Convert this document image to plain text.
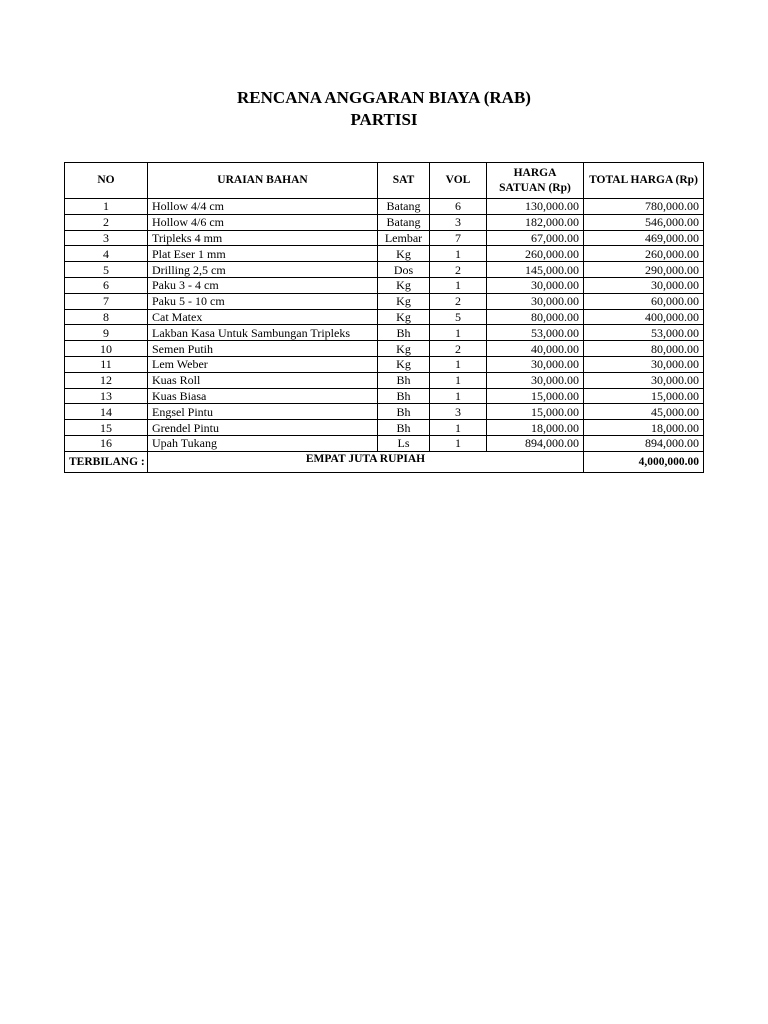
RENCANA ANGGARAN BIAYA (RAB)
PARTISI
NO	URAIAN BAHAN	SAT	VOL	HARGA SATUAN (Rp)	TOTAL HARGA (Rp)
1	Hollow 4/4 cm	Batang	6	130,000.00	780,000.00
2	Hollow 4/6 cm	Batang	3	182,000.00	546,000.00
3	Tripleks 4 mm	Lembar	7	67,000.00	469,000.00
4	Plat Eser 1 mm	Kg	1	260,000.00	260,000.00
5	Drilling 2,5 cm	Dos	2	145,000.00	290,000.00
6	Paku 3 - 4 cm	Kg	1	30,000.00	30,000.00
7	Paku 5 - 10 cm	Kg	2	30,000.00	60,000.00
8	Cat Matex	Kg	5	80,000.00	400,000.00
9	Lakban Kasa Untuk Sambungan Tripleks	Bh	1	53,000.00	53,000.00
10	Semen Putih	Kg	2	40,000.00	80,000.00
11	Lem Weber	Kg	1	30,000.00	30,000.00
12	Kuas Roll	Bh	1	30,000.00	30,000.00
13	Kuas Biasa	Bh	1	15,000.00	15,000.00
14	Engsel Pintu	Bh	3	15,000.00	45,000.00
15	Grendel Pintu	Bh	1	18,000.00	18,000.00
16	Upah Tukang	Ls	1	894,000.00	894,000.00
TERBILANG :	EMPAT JUTA RUPIAH				4,000,000.00
